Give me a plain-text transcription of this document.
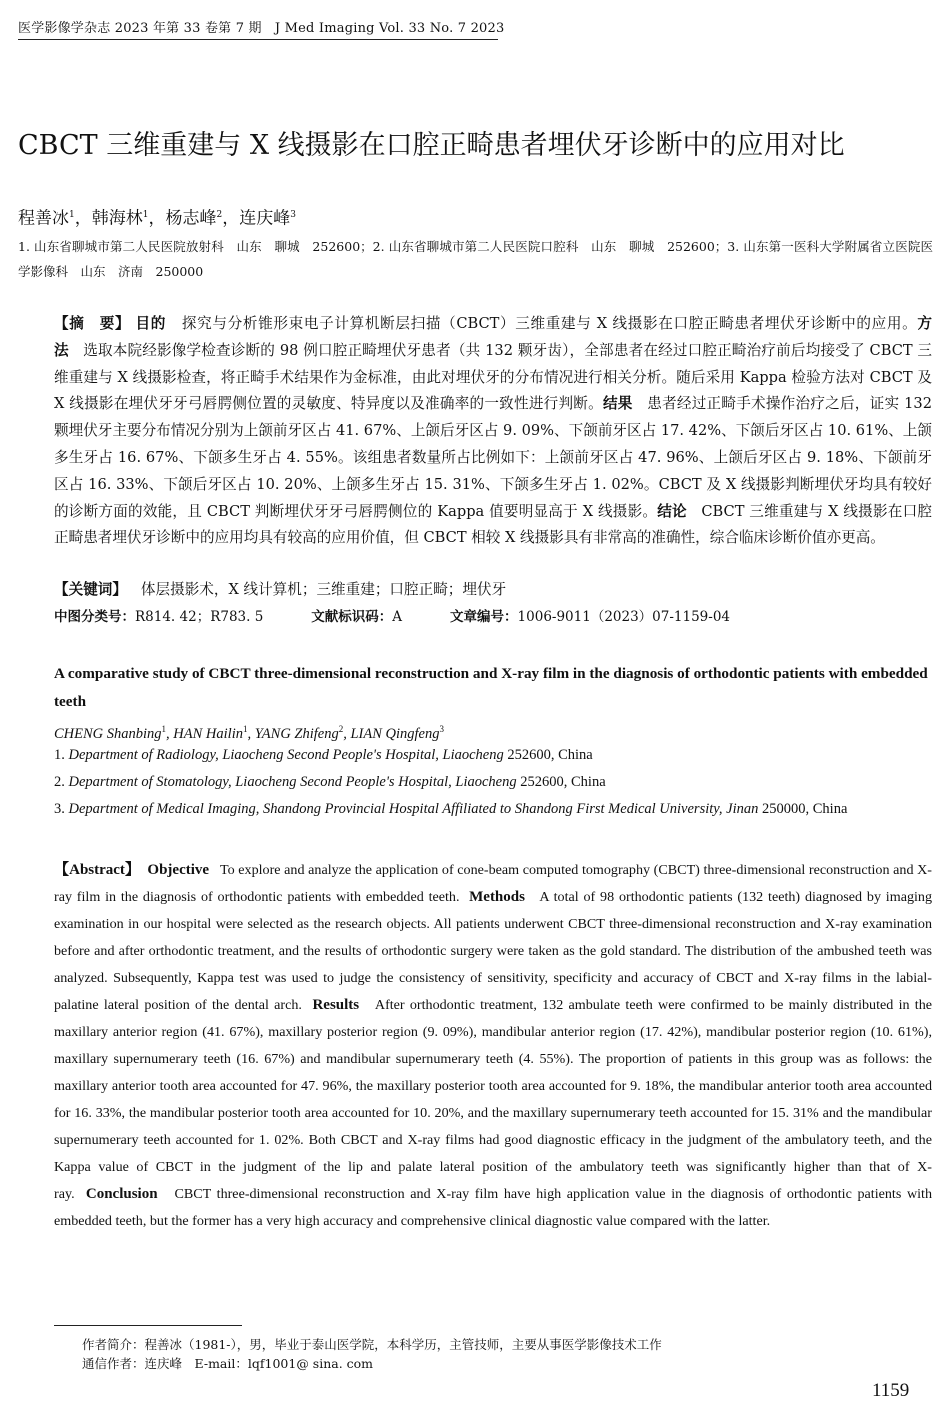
医学影像学杂志 2023 年第 33 卷第 7 期　J Med Imaging Vol. 33 No. 7 2023
CBCT 三维重建与 X 线摄影在口腔正畸患者埋伏牙诊断中的应用对比
程善冰$^1$，韩海林$^1$，杨志峰$^2$，连庆峰$^3$
1. 山东省聊城市第二人民医院放射科　山东　聊城　252600；2. 山东省聊城市第二人民医院口腔科　山东　聊城　252600；3. 山东第一医科大学附属省立医院医学影像科　山东　济南　250000
【摘　要】 目的 探究与分析锥形束电子计算机断层扫描（CBCT）三维重建与 X 线摄影在口腔正畸患者埋伏牙诊断中的应用。方法 选取本院经影像学检查诊断的 98 例口腔正畸埋伏牙患者（共 132 颗牙齿），全部患者在经过口腔正畸治疗前后均接受了 CBCT 三维重建与 X 线摄影检查，将正畸手术结果作为金标准，由此对埋伏牙的分布情况进行相关分析。随后采用 Kappa 检验方法对 CBCT 及 X 线摄影在埋伏牙牙弓唇腭侧位置的灵敏度、特异度以及准确率的一致性进行判断。结果 患者经过正畸手术操作治疗之后，证实 132 颗埋伏牙主要分布情况分别为上颌前牙区占 41. 67%、上颌后牙区占 9. 09%、下颌前牙区占 17. 42%、下颌后牙区占 10. 61%、上颌多生牙占 16. 67%、下颌多生牙占 4. 55%。该组患者数量所占比例如下：上颌前牙区占 47. 96%、上颌后牙区占 9. 18%、下颌前牙区占 16. 33%、下颌后牙区占 10. 20%、上颌多生牙占 15. 31%、下颌多生牙占 1. 02%。CBCT 及 X 线摄影判断埋伏牙均具有较好的诊断方面的效能，且 CBCT 判断埋伏牙牙弓唇腭侧位的 Kappa 值要明显高于 X 线摄影。结论 CBCT 三维重建与 X 线摄影在口腔正畸患者埋伏牙诊断中的应用均具有较高的应用价值，但 CBCT 相较 X 线摄影具有非常高的准确性，综合临床诊断价值亦更高。
【关键词】 体层摄影术，X 线计算机；三维重建；口腔正畸；埋伏牙
中图分类号：R814. 42；R783. 5	文献标识码：A	文章编号：1006-9011（2023）07-1159-04
A comparative study of CBCT three-dimensional reconstruction and X-ray film in the diagnosis of orthodontic patients with embedded teeth
CHENG Shanbing$^1$, HAN Hailin$^1$, YANG Zhifeng$^2$, LIAN Qingfeng$^3$

1. Department of Radiology, Liaocheng Second People's Hospital, Liaocheng 252600, China

2. Department of Stomatology, Liaocheng Second People's Hospital, Liaocheng 252600, China

3. Department of Medical Imaging, Shandong Provincial Hospital Affiliated to Shandong First Medical University, Jinan 250000, China

【Abstract】 Objective To explore and analyze the application of cone-beam computed tomography (CBCT) three-dimensional reconstruction and X-ray film in the diagnosis of orthodontic patients with embedded teeth. Methods A total of 98 orthodontic patients (132 teeth) diagnosed by imaging examination in our hospital were selected as the research objects. All patients underwent CBCT three-dimensional reconstruction and X-ray examination before and after orthodontic treatment, and the results of orthodontic surgery were taken as the gold standard. The distribution of the ambushed teeth was analyzed. Subsequently, Kappa test was used to judge the consistency of sensitivity, specificity and accuracy of CBCT and X-ray films in the labial-palatine lateral position of the dental arch. Results After orthodontic treatment, 132 ambulate teeth were confirmed to be mainly distributed in the maxillary anterior region (41. 67%), maxillary posterior region (9. 09%), mandibular anterior region (17. 42%), mandibular posterior region (10. 61%), maxillary supernumerary teeth (16. 67%) and mandibular supernumerary teeth (4. 55%). The proportion of patients in this group was as follows: the maxillary anterior tooth area accounted for 47. 96%, the maxillary posterior tooth area accounted for 9. 18%, the mandibular anterior tooth area accounted for 16. 33%, the mandibular posterior tooth area accounted for 10. 20%, and the maxillary supernumerary teeth accounted for 15. 31% and the mandibular supernumerary teeth accounted for 1. 02%. Both CBCT and X-ray films had good diagnostic efficacy in the judgment of the ambulatory teeth, and the Kappa value of CBCT in the judgment of the lip and palate lateral position of the ambulatory teeth was significantly higher than that of X-ray. Conclusion CBCT three-dimensional reconstruction and X-ray film have high application value in the diagnosis of orthodontic patients with embedded teeth, but the former has a very high accuracy and comprehensive clinical diagnostic value compared with the latter.

作者简介：程善冰（1981-），男，毕业于泰山医学院，本科学历，主管技师，主要从事医学影像技术工作
通信作者：连庆峰　E-mail：lqf1001@ sina. com
1159
